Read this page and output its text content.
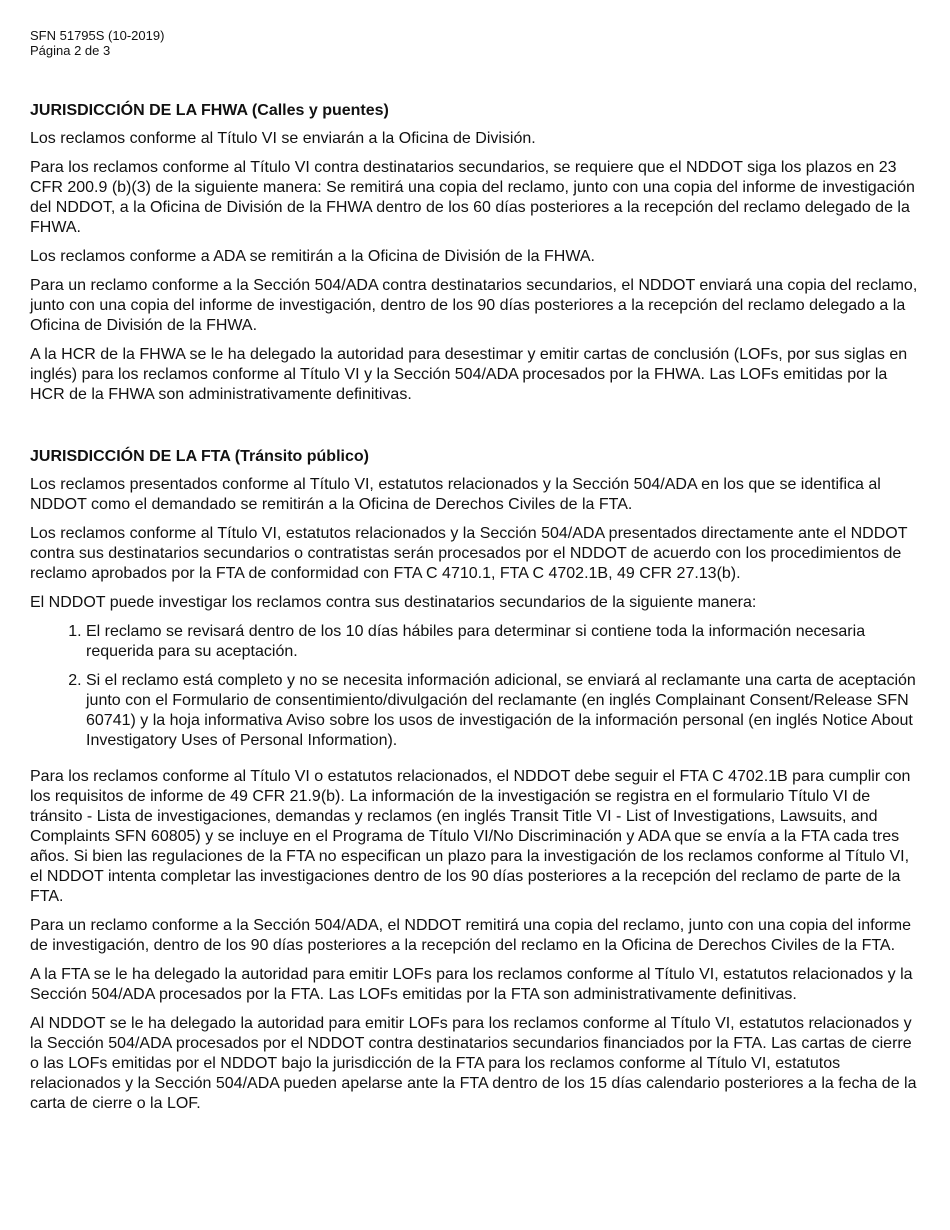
SFN 51795S (10-2019)
Página 2 de 3
JURISDICCIÓN DE LA FHWA (Calles y puentes)

Los reclamos conforme al Título VI se enviarán a la Oficina de División.

Para los reclamos conforme al Título VI contra destinatarios secundarios, se requiere que el NDDOT siga los plazos en 23 CFR 200.9 (b)(3) de la siguiente manera: Se remitirá una copia del reclamo, junto con una copia del informe de investigación del NDDOT, a la Oficina de División de la FHWA dentro de los 60 días posteriores a la recepción del reclamo delegado de la FHWA.

Los reclamos conforme a ADA se remitirán a la Oficina de División de la FHWA.

Para un reclamo conforme a la Sección 504/ADA contra destinatarios secundarios, el NDDOT enviará una copia del reclamo, junto con una copia del informe de investigación, dentro de los 90 días posteriores a la recepción del reclamo delegado a la Oficina de División de la FHWA.

A la HCR de la FHWA se le ha delegado la autoridad para desestimar y emitir cartas de conclusión (LOFs, por sus siglas en inglés) para los reclamos conforme al Título VI y la Sección 504/ADA procesados por la FHWA. Las LOFs emitidas por la HCR de la FHWA son administrativamente definitivas.

JURISDICCIÓN DE LA FTA (Tránsito público)

Los reclamos presentados conforme al Título VI, estatutos relacionados y la Sección 504/ADA en los que se identifica al NDDOT como el demandado se remitirán a la Oficina de Derechos Civiles de la FTA.

Los reclamos conforme al Título VI, estatutos relacionados y la Sección 504/ADA presentados directamente ante el NDDOT contra sus destinatarios secundarios o contratistas serán procesados por el NDDOT de acuerdo con los procedimientos de reclamo aprobados por la FTA de conformidad con FTA C 4710.1, FTA C 4702.1B, 49 CFR 27.13(b).

El NDDOT puede investigar los reclamos contra sus destinatarios secundarios de la siguiente manera:

1. El reclamo se revisará dentro de los 10 días hábiles para determinar si contiene toda la información necesaria requerida para su aceptación.
2. Si el reclamo está completo y no se necesita información adicional, se enviará al reclamante una carta de aceptación junto con el Formulario de consentimiento/divulgación del reclamante (en inglés Complainant Consent/Release SFN 60741) y la hoja informativa Aviso sobre los usos de investigación de la información personal (en inglés Notice About Investigatory Uses of Personal Information).

Para los reclamos conforme al Título VI o estatutos relacionados, el NDDOT debe seguir el FTA C 4702.1B para cumplir con los requisitos de informe de 49 CFR 21.9(b). La información de la investigación se registra en el formulario Título VI de tránsito - Lista de investigaciones, demandas y reclamos (en inglés Transit Title VI - List of Investigations, Lawsuits, and Complaints SFN 60805) y se incluye en el Programa de Título VI/No Discriminación y ADA que se envía a la FTA cada tres años. Si bien las regulaciones de la FTA no especifican un plazo para la investigación de los reclamos conforme al Título VI, el NDDOT intenta completar las investigaciones dentro de los 90 días posteriores a la recepción del reclamo de parte de la FTA.

Para un reclamo conforme a la Sección 504/ADA, el NDDOT remitirá una copia del reclamo, junto con una copia del informe de investigación, dentro de los 90 días posteriores a la recepción del reclamo en la Oficina de Derechos Civiles de la FTA.

A la FTA se le ha delegado la autoridad para emitir LOFs para los reclamos conforme al Título VI, estatutos relacionados y la Sección 504/ADA procesados por la FTA. Las LOFs emitidas por la FTA son administrativamente definitivas.

Al NDDOT se le ha delegado la autoridad para emitir LOFs para los reclamos conforme al Título VI, estatutos relacionados y la Sección 504/ADA procesados por el NDDOT contra destinatarios secundarios financiados por la FTA. Las cartas de cierre o las LOFs emitidas por el NDDOT bajo la jurisdicción de la FTA para los reclamos conforme al Título VI, estatutos relacionados y la Sección 504/ADA pueden apelarse ante la FTA dentro de los 15 días calendario posteriores a la fecha de la carta de cierre o la LOF.
